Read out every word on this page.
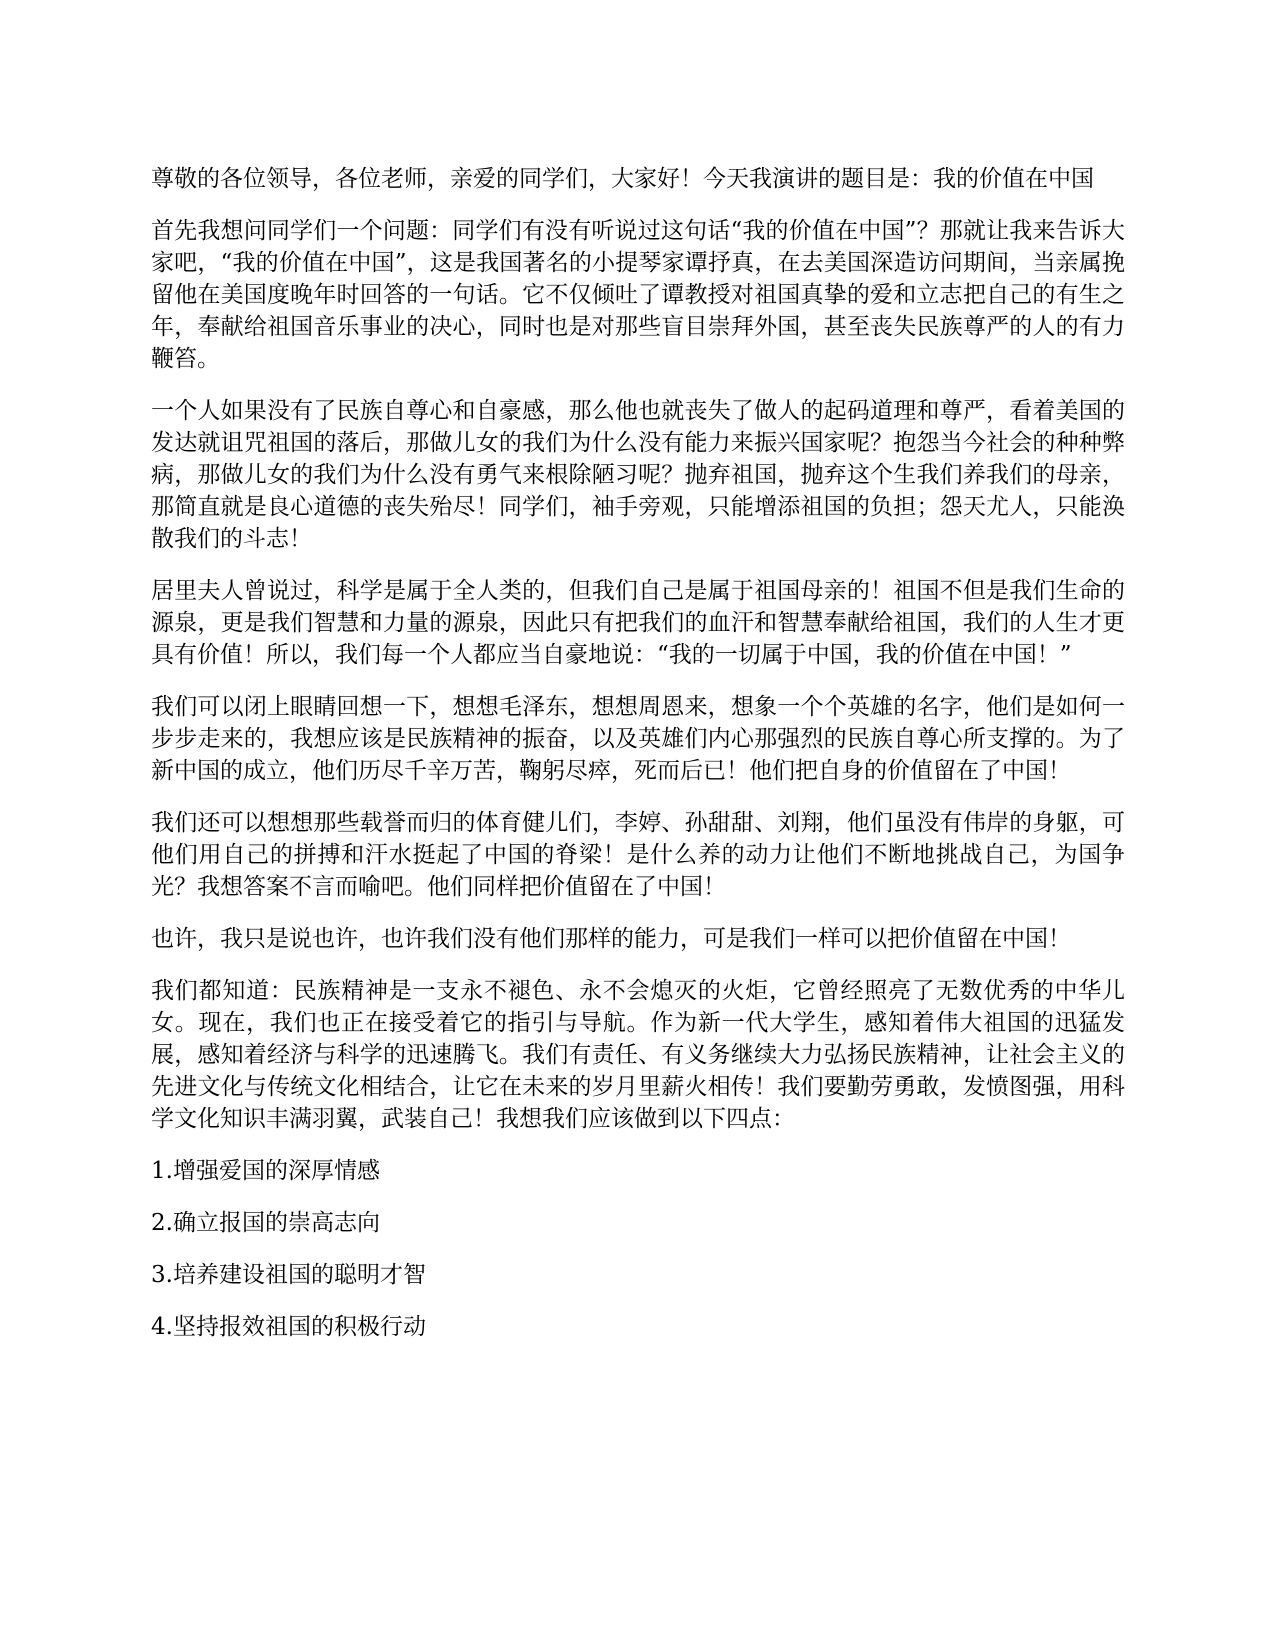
尊敬的各位领导，各位老师，亲爱的同学们，大家好！今天我演讲的题目是：我的价值在中国

首先我想问同学们一个问题：同学们有没有听说过这句话“我的价值在中国”？那就让我来告诉大家吧，“我的价值在中国”，这是我国著名的小提琴家谭抒真，在去美国深造访问期间，当亲属挽留他在美国度晚年时回答的一句话。它不仅倾吐了谭教授对祖国真挚的爱和立志把自己的有生之年，奉献给祖国音乐事业的决心，同时也是对那些盲目崇拜外国，甚至丧失民族尊严的人的有力鞭笞。

一个人如果没有了民族自尊心和自豪感，那么他也就丧失了做人的起码道理和尊严，看着美国的发达就诅咒祖国的落后，那做儿女的我们为什么没有能力来振兴国家呢？抱怨当今社会的种种弊病，那做儿女的我们为什么没有勇气来根除陋习呢？抛弃祖国，抛弃这个生我们养我们的母亲，那简直就是良心道德的丧失殆尽！同学们，袖手旁观，只能增添祖国的负担；怨天尤人，只能涣散我们的斗志！

居里夫人曾说过，科学是属于全人类的，但我们自己是属于祖国母亲的！祖国不但是我们生命的源泉，更是我们智慧和力量的源泉，因此只有把我们的血汗和智慧奉献给祖国，我们的人生才更具有价值！所以，我们每一个人都应当自豪地说：“我的一切属于中国，我的价值在中国！”

我们可以闭上眼睛回想一下，想想毛泽东，想想周恩来，想象一个个英雄的名字，他们是如何一步步走来的，我想应该是民族精神的振奋，以及英雄们内心那强烈的民族自尊心所支撑的。为了新中国的成立，他们历尽千辛万苦，鞠躬尽瘁，死而后已！他们把自身的价值留在了中国！

我们还可以想想那些载誉而归的体育健儿们，李婷、孙甜甜、刘翔，他们虽没有伟岸的身躯，可他们用自己的拼搏和汗水挺起了中国的脊梁！是什么养的动力让他们不断地挑战自己，为国争光？我想答案不言而喻吧。他们同样把价值留在了中国！

也许，我只是说也许，也许我们没有他们那样的能力，可是我们一样可以把价值留在中国！

我们都知道：民族精神是一支永不褪色、永不会熄灭的火炬，它曾经照亮了无数优秀的中华儿女。现在，我们也正在接受着它的指引与导航。作为新一代大学生，感知着伟大祖国的迅猛发展，感知着经济与科学的迅速腾飞。我们有责任、有义务继续大力弘扬民族精神，让社会主义的先进文化与传统文化相结合，让它在未来的岁月里薪火相传！我们要勤劳勇敢，发愤图强，用科学文化知识丰满羽翼，武装自己！我想我们应该做到以下四点：

1.增强爱国的深厚情感

2.确立报国的崇高志向

3.培养建设祖国的聪明才智

4.坚持报效祖国的积极行动
